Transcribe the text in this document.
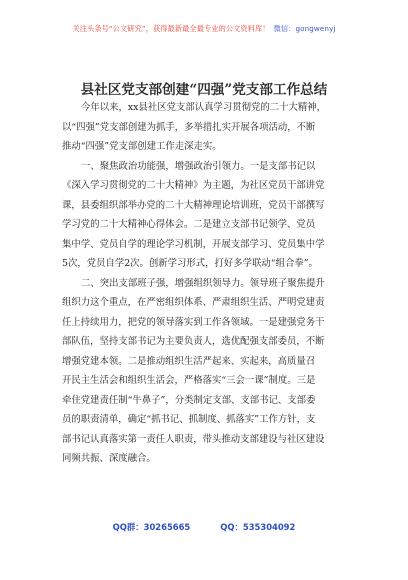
关注头条号“公文研究”，获得最新最全最专业的公文资料库！ 微信：gongwenyj
县社区党支部创建“四强”党支部工作总结
今年以来，xx县社区党支部认真学习贯彻党的二十大精神，
以“四强”党支部创建为抓手，多举措扎实开展各项活动，不断
推动“四强”党支部创建工作走深走实。
一、聚焦政治功能强，增强政治引领力。一是支部书记以
《深入学习贯彻党的二十大精神》为主题，为社区党员干部讲党
课，县委组织部举办党的二十大精神理论培训班，党员干部撰写
学习党的二十大精神心得体会。二是建立支部书记领学、党员
集中学、党员自学的理论学习机制，开展支部学习、党员集中学
5次，党员自学2次。创新学习形式，打好多学联动“组合拳”。
二、突出支部班子强，增强组织领导力。领导班子聚焦提升
组织力这个重点，在严密组织体系、严肃组织生活、严明党建责
任上持续用力，把党的领导落实到工作各领域。一是建强党务干
部队伍，坚持支部书记为主要负责人，选优配强支部委员，不断
增强党建本领。二是推动组织生活严起来、实起来，高质量召
开民主生活会和组织生活会，严格落实“三会一课”制度。三是
牵住党建责任制“牛鼻子”，分类制定支部、支部书记、支部委
员的职责清单，确定“抓书记、抓制度、抓落实”工作方针，支
部书记认真落实第一责任人职责，带头推动支部建设与社区建设
同频共振、深度融合。
QQ群：30265665	QQ：535304092
